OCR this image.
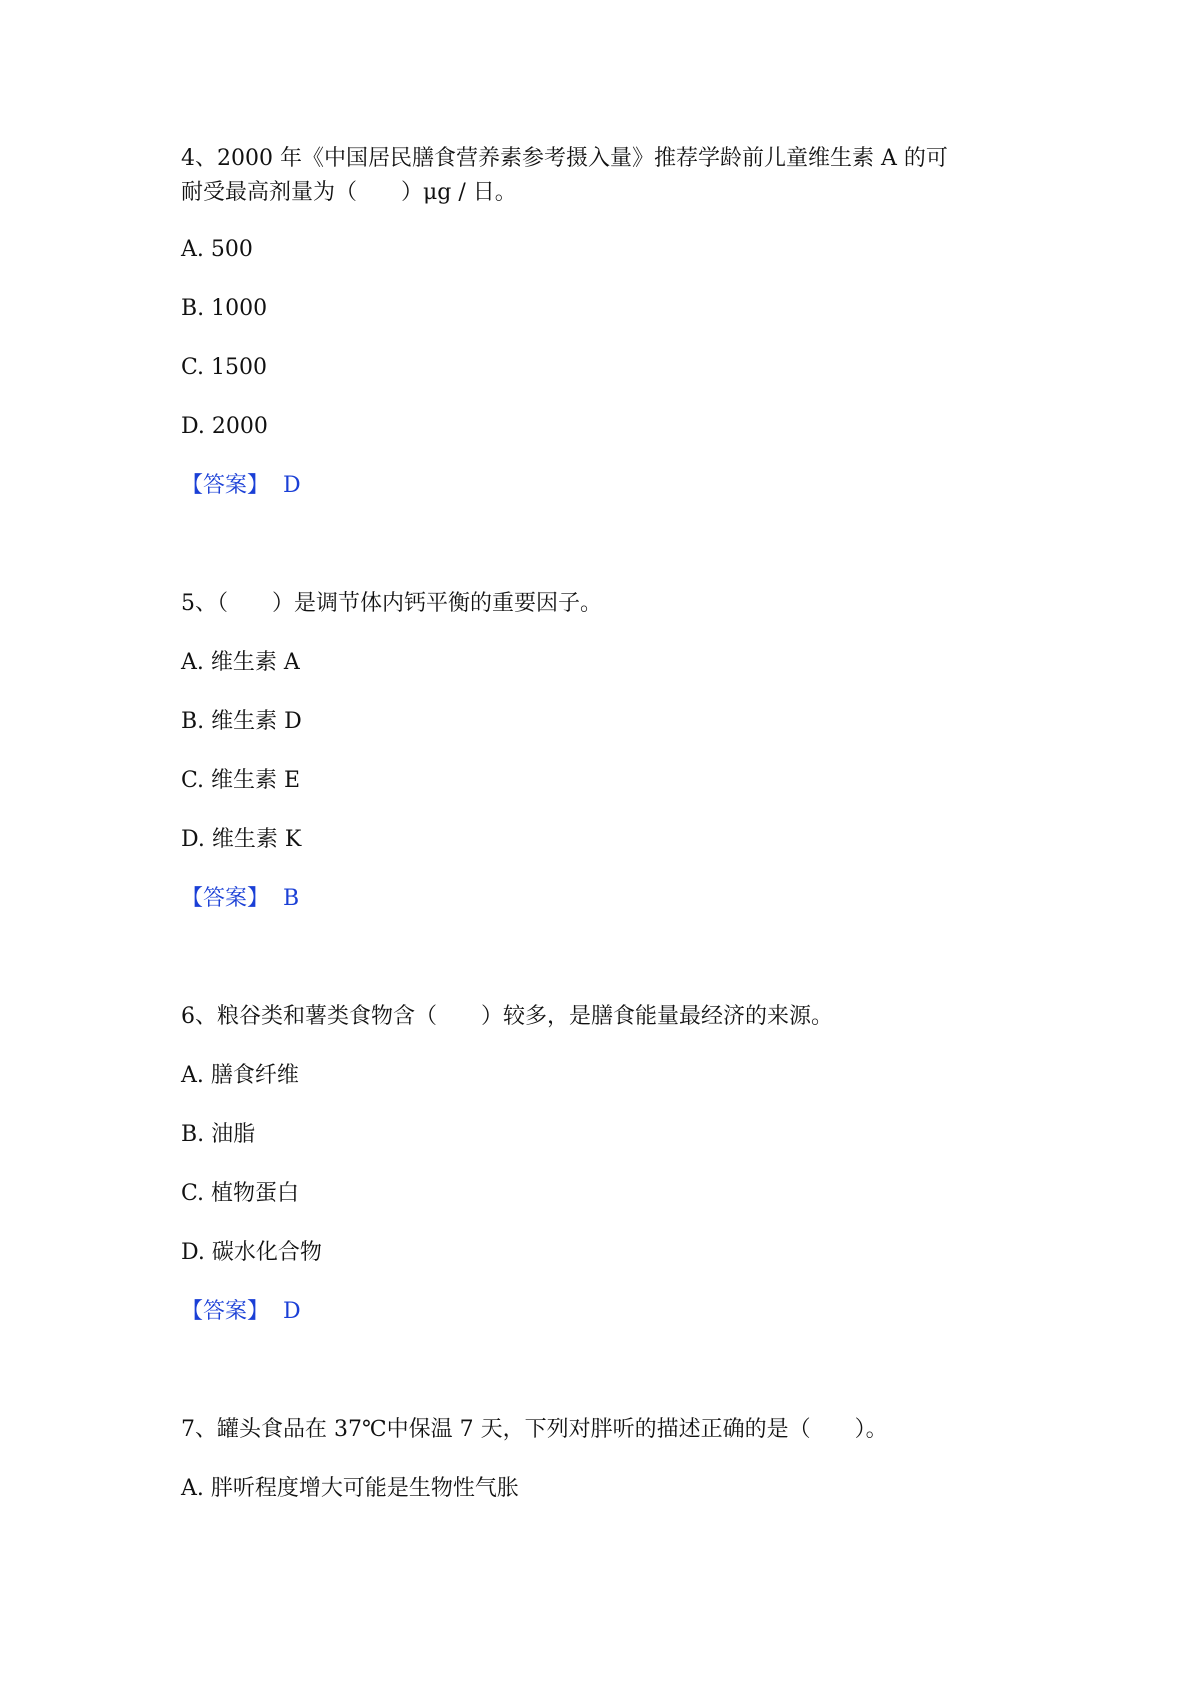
4、2000 年《中国居民膳食营养素参考摄入量》推荐学龄前儿童维生素 A 的可

耐受最高剂量为（　　）μg / 日。

A. 500

B. 1000

C. 1500

D. 2000

【答案】 D

5、（　　）是调节体内钙平衡的重要因子。

A. 维生素 A

B. 维生素 D

C. 维生素 E

D. 维生素 K

【答案】 B

6、粮谷类和薯类食物含（　　）较多，是膳食能量最经济的来源。

A. 膳食纤维

B. 油脂

C. 植物蛋白

D. 碳水化合物

【答案】 D

7、罐头食品在 37℃中保温 7 天，下列对胖听的描述正确的是（　　）。

A. 胖听程度增大可能是生物性气胀
